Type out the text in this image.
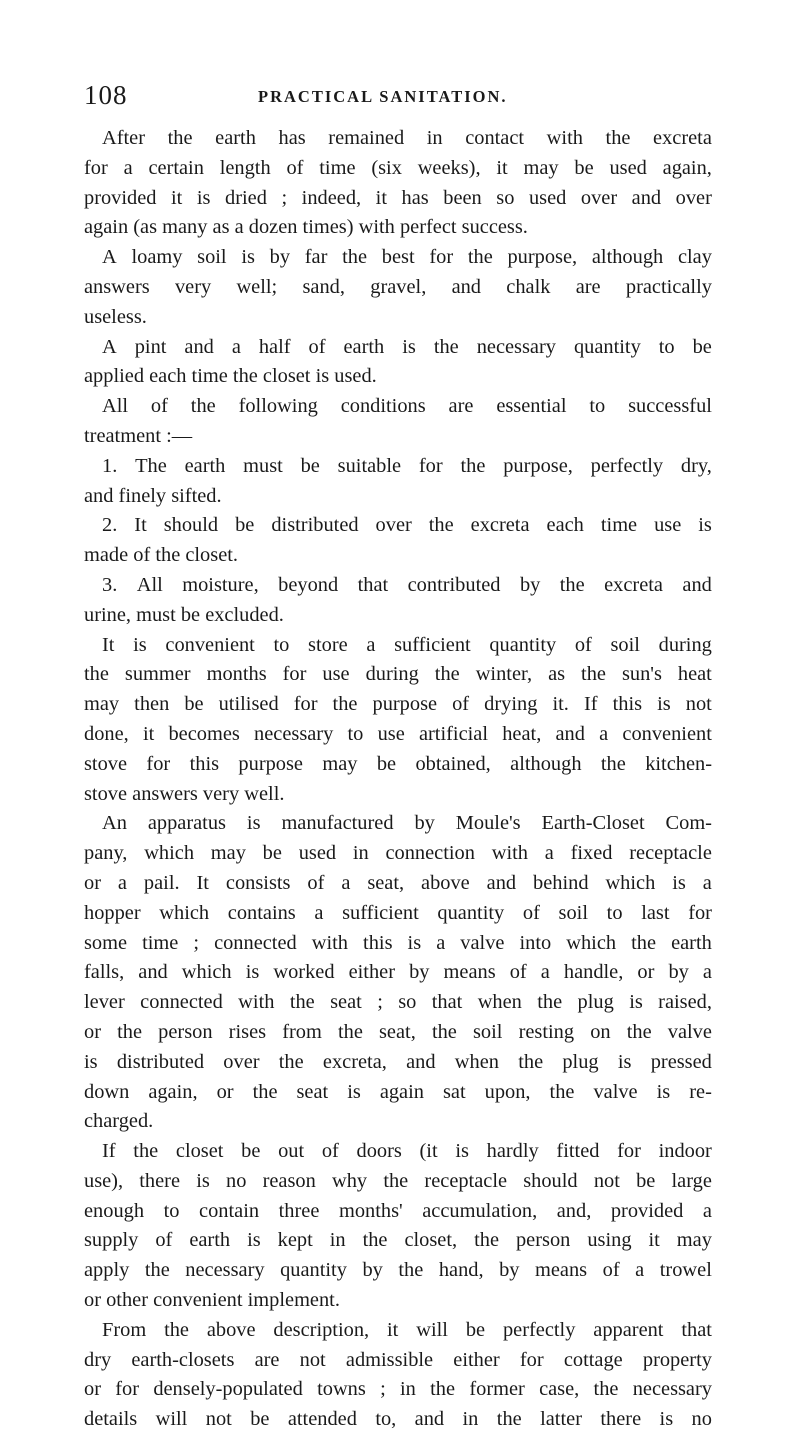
108	PRACTICAL SANITATION.
After the earth has remained in contact with the excreta
for a certain length of time (six weeks), it may be used again,
provided it is dried ; indeed, it has been so used over and over
again (as many as a dozen times) with perfect success.
A loamy soil is by far the best for the purpose, although clay
answers very well; sand, gravel, and chalk are practically
useless.
A pint and a half of earth is the necessary quantity to be
applied each time the closet is used.
All of the following conditions are essential to successful
treatment :—
1. The earth must be suitable for the purpose, perfectly dry,
and finely sifted.
2. It should be distributed over the excreta each time use is
made of the closet.
3. All moisture, beyond that contributed by the excreta and
urine, must be excluded.
It is convenient to store a sufficient quantity of soil during
the summer months for use during the winter, as the sun's heat
may then be utilised for the purpose of drying it. If this is not
done, it becomes necessary to use artificial heat, and a convenient
stove for this purpose may be obtained, although the kitchen-
stove answers very well.
An apparatus is manufactured by Moule's Earth-Closet Com-
pany, which may be used in connection with a fixed receptacle
or a pail. It consists of a seat, above and behind which is a
hopper which contains a sufficient quantity of soil to last for
some time ; connected with this is a valve into which the earth
falls, and which is worked either by means of a handle, or by a
lever connected with the seat ; so that when the plug is raised,
or the person rises from the seat, the soil resting on the valve
is distributed over the excreta, and when the plug is pressed
down again, or the seat is again sat upon, the valve is re-
charged.
If the closet be out of doors (it is hardly fitted for indoor
use), there is no reason why the receptacle should not be large
enough to contain three months' accumulation, and, provided a
supply of earth is kept in the closet, the person using it may
apply the necessary quantity by the hand, by means of a trowel
or other convenient implement.
From the above description, it will be perfectly apparent that
dry earth-closets are not admissible either for cottage property
or for densely-populated towns ; in the former case, the necessary
details will not be attended to, and in the latter there is no
